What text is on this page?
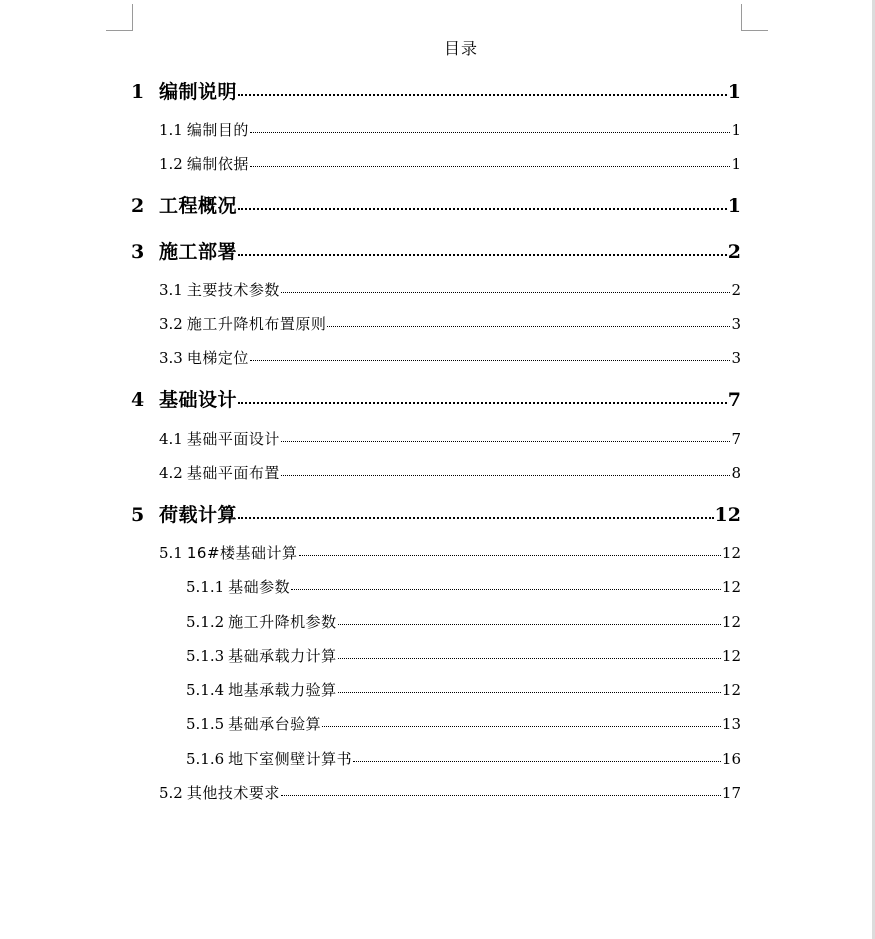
目录
1 编制说明	1
1.1 编制目的	1
1.2 编制依据	1
2 工程概况	1
3 施工部署	2
3.1 主要技术参数	2
3.2 施工升降机布置原则	3
3.3 电梯定位	3
4 基础设计	7
4.1 基础平面设计	7
4.2 基础平面布置	8
5 荷载计算	12
5.1 16#楼基础计算	12
5.1.1 基础参数	12
5.1.2 施工升降机参数	12
5.1.3 基础承载力计算	12
5.1.4 地基承载力验算	12
5.1.5 基础承台验算	13
5.1.6 地下室侧壁计算书	16
5.2 其他技术要求	17
